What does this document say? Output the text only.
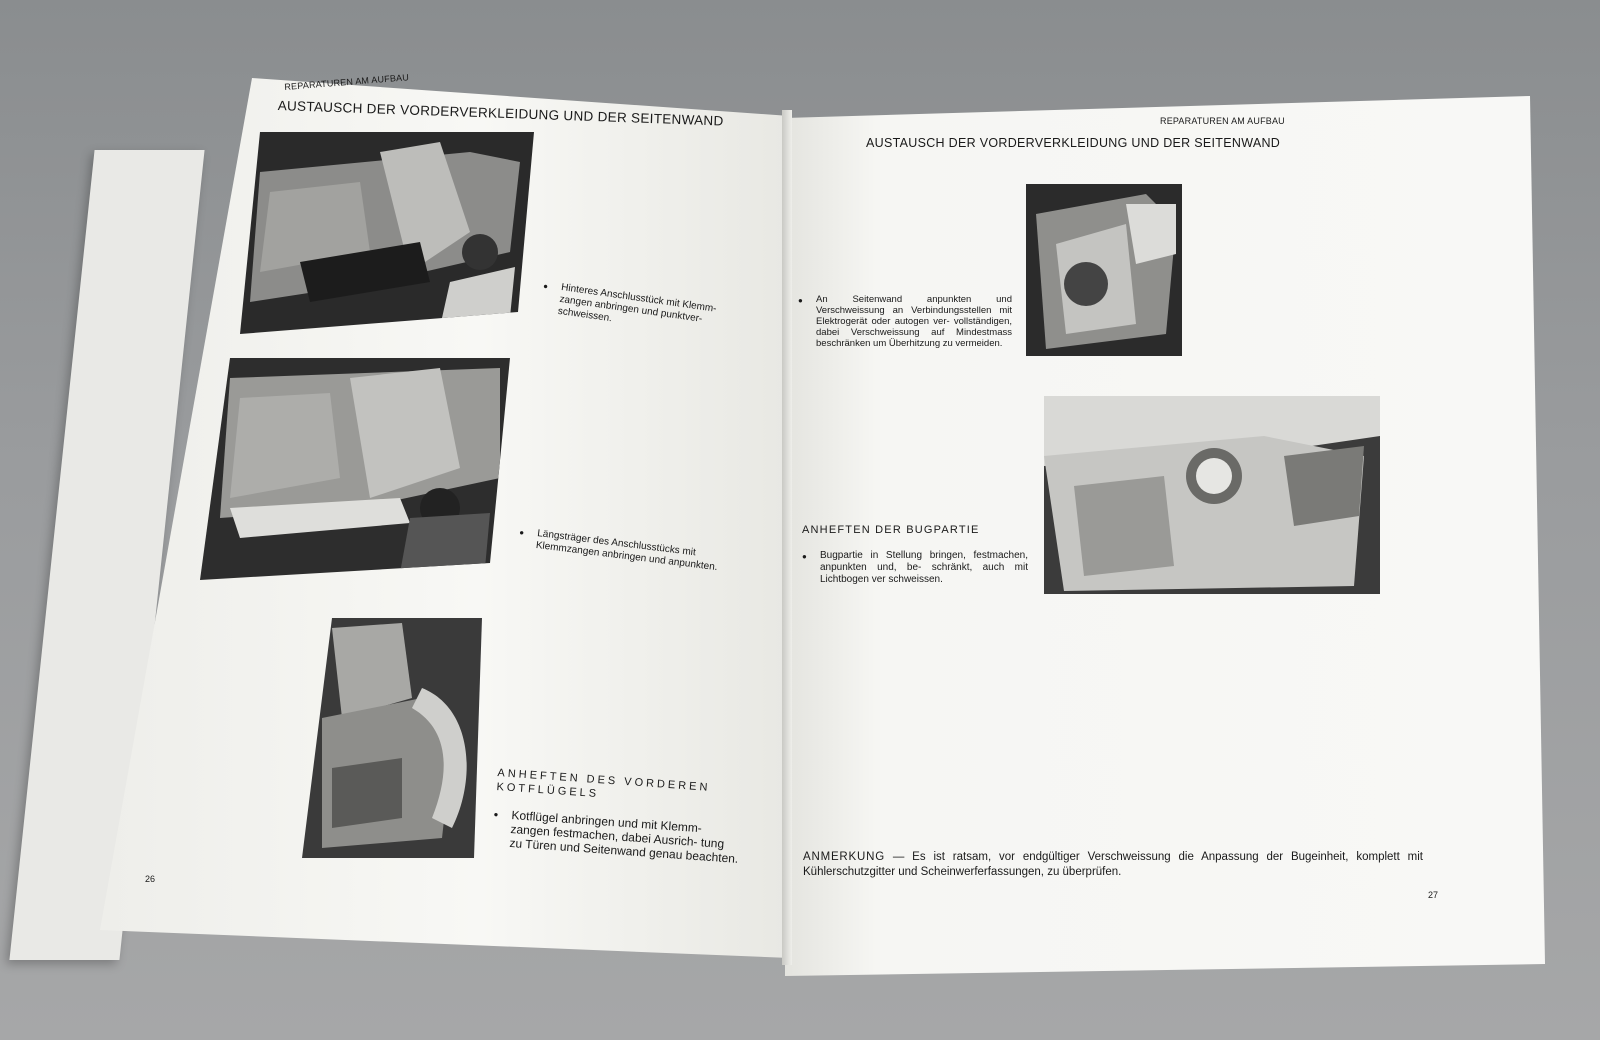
REPARATUREN AM AUFBAU
AUSTAUSCH DER VORDERVERKLEIDUNG UND DER SEITENWAND
● Hinteres Anschlusstück mit Klemm- zangen anbringen und punktver- schweissen.
● Längsträger des Anschlusstücks mit Klemmzangen anbringen und anpunkten.
ANHEFTEN DES VORDEREN KOTFLÜGELS
● Kotflügel anbringen und mit Klemm- zangen festmachen, dabei Ausrich- tung zu Türen und Seitenwand genau beachten.
26
REPARATUREN AM AUFBAU
AUSTAUSCH DER VORDERVERKLEIDUNG UND DER SEITENWAND
● An Seitenwand anpunkten und Verschweissung an Verbindungsstellen mit Elektrogerät oder autogen ver- vollständigen, dabei Verschweissung auf Mindestmass beschränken um Überhitzung zu vermeiden.
ANHEFTEN DER BUGPARTIE
● Bugpartie in Stellung bringen, festmachen, anpunkten und, be- schränkt, auch mit Lichtbogen ver schweissen.
ANMERKUNG — Es ist ratsam, vor endgültiger Verschweissung die Anpassung der Bugeinheit, komplett mit Kühlerschutzgitter und Scheinwerferfassungen, zu überprüfen.
27
